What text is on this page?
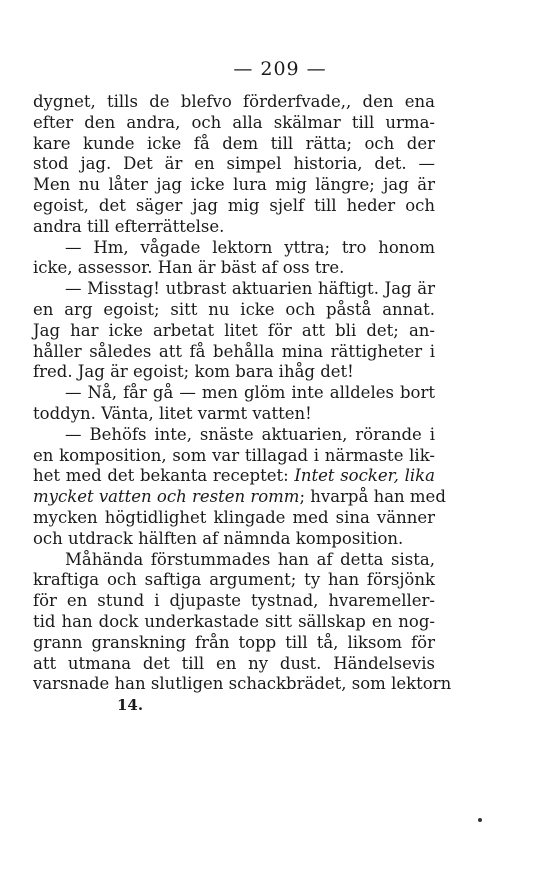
— 209 —
dygnet, tills de blefvo förderfvade,, den ena
efter den andra, och alla skälmar till urma-
kare kunde icke få dem till rätta; och der
stod jag. Det är en simpel historia, det. —
Men nu låter jag icke lura mig längre; jag är
egoist, det säger jag mig sjelf till heder och
andra till efterrättelse.
— Hm, vågade lektorn yttra; tro honom
icke, assessor. Han är bäst af oss tre.
— Misstag! utbrast aktuarien häftigt. Jag är
en arg egoist; sitt nu icke och påstå annat.
Jag har icke arbetat litet för att bli det; an-
håller således att få behålla mina rättigheter i
fred. Jag är egoist; kom bara ihåg det!
— Nå, får gå — men glöm inte alldeles bort
toddyn. Vänta, litet varmt vatten!
— Behöfs inte, snäste aktuarien, rörande i
en komposition, som var tillagad i närmaste lik-
het med det bekanta receptet: Intet socker, lika
mycket vatten och resten romm; hvarpå han med
mycken högtidlighet klingade med sina vänner
och utdrack hälften af nämnda komposition.
Måhända förstummades han af detta sista,
kraftiga och saftiga argument; ty han försjönk
för en stund i djupaste tystnad, hvaremeller-
tid han dock underkastade sitt sällskap en nog-
grann granskning från topp till tå, liksom för
att utmana det till en ny dust. Händelsevis
varsnade han slutligen schackbrädet, som lektorn
14.
